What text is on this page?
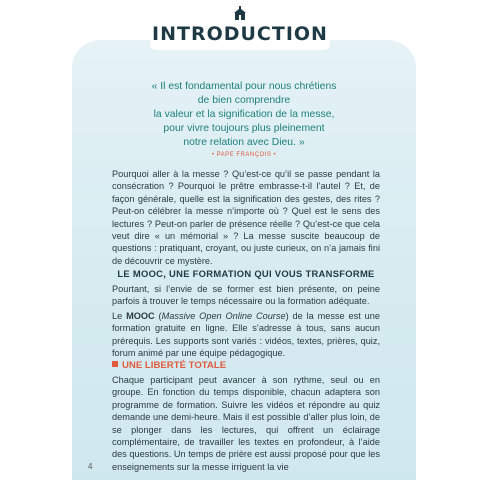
INTRODUCTION
« Il est fondamental pour nous chrétiens
de bien comprendre
la valeur et la signification de la messe,
pour vivre toujours plus pleinement
notre relation avec Dieu. »
• PAPE FRANÇOIS •
Pourquoi aller à la messe ? Qu’est-ce qu’il se passe pendant la consécration ? Pourquoi le prêtre embrasse-t-il l’autel ? Et, de façon générale, quelle est la signification des gestes, des rites ? Peut-on célébrer la messe n’importe où ? Quel est le sens des lectures ? Peut-on parler de présence réelle ? Qu’est-ce que cela veut dire « un mémorial » ? La messe suscite beaucoup de questions : pratiquant, croyant, ou juste curieux, on n’a jamais fini de découvrir ce mystère.
LE MOOC, UNE FORMATION QUI VOUS TRANSFORME
Pourtant, si l’envie de se former est bien présente, on peine parfois à trouver le temps nécessaire ou la formation adéquate.
Le MOOC (Massive Open Online Course) de la messe est une formation gratuite en ligne. Elle s’adresse à tous, sans aucun prérequis. Les supports sont variés : vidéos, textes, prières, quiz, forum animé par une équipe pédagogique.
UNE LIBERTÉ TOTALE
Chaque participant peut avancer à son rythme, seul ou en groupe. En fonction du temps disponible, chacun adaptera son programme de formation. Suivre les vidéos et répondre au quiz demande une demi-heure. Mais il est possible d’aller plus loin, de se plonger dans les lectures, qui offrent un éclairage complémentaire, de travailler les textes en profondeur, à l’aide des questions. Un temps de prière est aussi proposé pour que les enseignements sur la messe irriguent la vie
4
